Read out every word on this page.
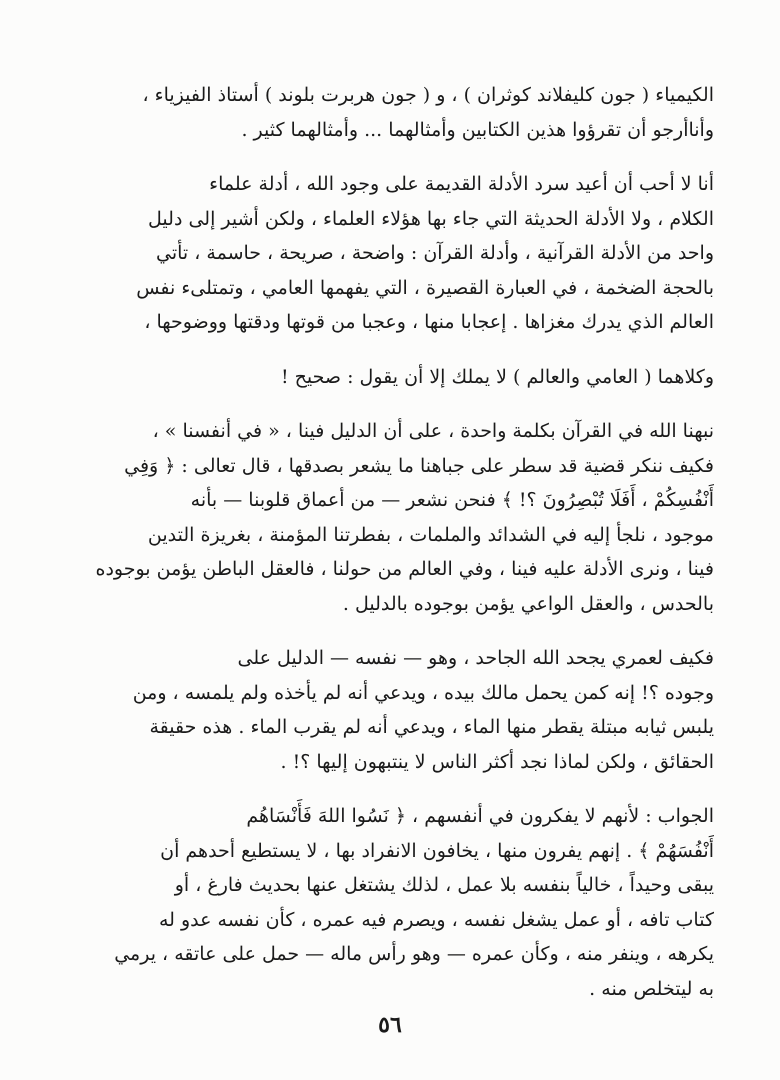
الكيمياء ( جون كليفلاند كوثران ) ، و ( جون هربرت بلوند ) أستاذ الفيزياء ،
وأناأرجو أن تقرؤوا هذين الكتابين وأمثالهما ... وأمثالهما كثير .
أنا لا أحب أن أعيد سرد الأدلة القديمة على وجود الله ، أدلة علماء
الكلام ، ولا الأدلة الحديثة التي جاء بها هؤلاء العلماء ، ولكن أشير إلى دليل
واحد من الأدلة القرآنية ، وأدلة القرآن : واضحة ، صريحة ، حاسمة ، تأتي
بالحجة الضخمة ، في العبارة القصيرة ، التي يفهمها العامي ، وتمتلىء نفس
العالم الذي يدرك مغزاها . إعجابا منها ، وعجبا من قوتها ودقتها ووضوحها ،
وكلاهما ( العامي والعالم ) لا يملك إلا أن يقول : صحيح !
نبهنا الله في القرآن بكلمة واحدة ، على أن الدليل فينا ، « في أنفسنا » ،
فكيف ننكر قضية قد سطر على جباهنا ما يشعر بصدقها ، قال تعالى : ﴿ وَفِي
أَنْفُسِكُمْ ، أَفَلَا تُبْصِرُونَ ؟! ﴾ فنحن نشعر — من أعماق قلوبنا — بأنه
موجود ، نلجأ إليه في الشدائد والملمات ، بفطرتنا المؤمنة ، بغريزة التدين
فينا ، ونرى الأدلة عليه فينا ، وفي العالم من حولنا ، فالعقل الباطن يؤمن بوجوده
بالحدس ، والعقل الواعي يؤمن بوجوده بالدليل .
فكيف لعمري يجحد الله الجاحد ، وهو — نفسه — الدليل على
وجوده ؟! إنه كمن يحمل مالك بيده ، ويدعي أنه لم يأخذه ولم يلمسه ، ومن
يلبس ثيابه مبتلة يقطر منها الماء ، ويدعي أنه لم يقرب الماء . هذه حقيقة
الحقائق ، ولكن لماذا نجد أكثر الناس لا ينتبهون إليها ؟! .
الجواب : لأنهم لا يفكرون في أنفسهم ، ﴿ نَسُوا اللهَ فَأَنْسَاهُم
أَنْفُسَهُمْ ﴾ . إنهم يفرون منها ، يخافون الانفراد بها ، لا يستطيع أحدهم أن
يبقى وحيداً ، خالياً بنفسه بلا عمل ، لذلك يشتغل عنها بحديث فارغ ، أو
كتاب تافه ، أو عمل يشغل نفسه ، ويصرم فيه عمره ، كأن نفسه عدو له
يكرهه ، وينفر منه ، وكأن عمره — وهو رأس ماله — حمل على عاتقه ، يرمي
به ليتخلص منه .
٥٦
